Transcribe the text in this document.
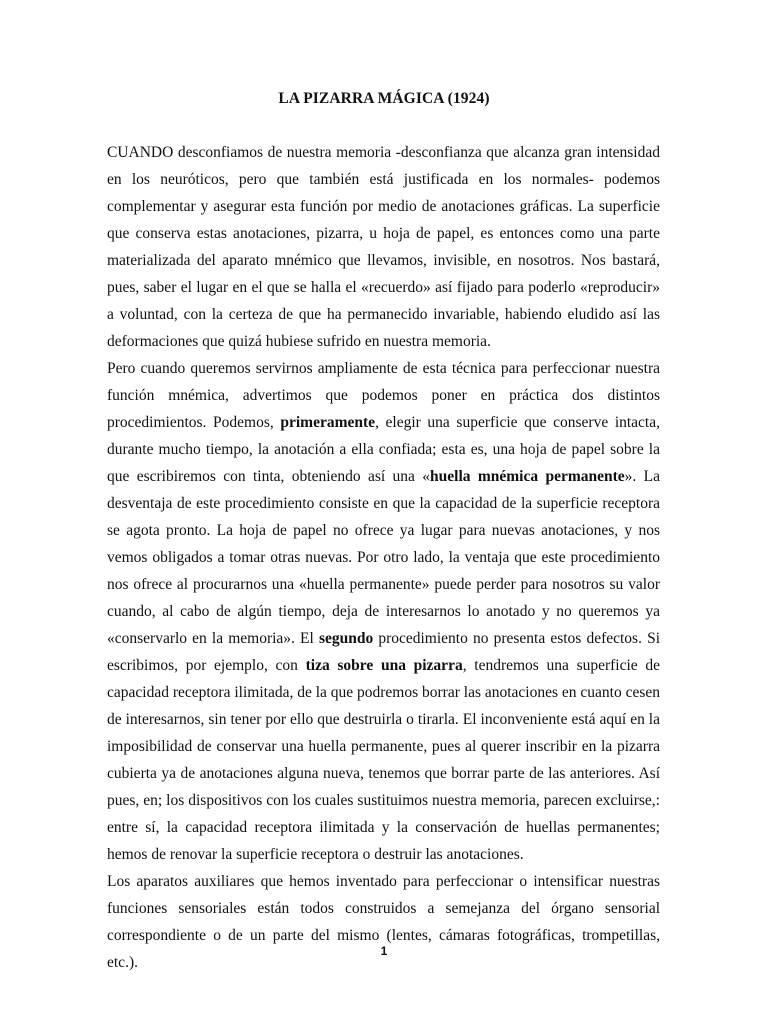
LA PIZARRA MÁGICA (1924)

CUANDO desconfiamos de nuestra memoria -desconfianza que alcanza gran intensidad en los neuróticos, pero que también está justificada en los normales- podemos complementar y asegurar esta función por medio de anotaciones gráficas. La superficie que conserva estas anotaciones, pizarra, u hoja de papel, es entonces como una parte materializada del aparato mnémico que llevamos, invisible, en nosotros. Nos bastará, pues, saber el lugar en el que se halla el «recuerdo» así fijado para poderlo «reproducir» a voluntad, con la certeza de que ha permanecido invariable, habiendo eludido así las deformaciones que quizá hubiese sufrido en nuestra memoria.

Pero cuando queremos servirnos ampliamente de esta técnica para perfeccionar nuestra función mnémica, advertimos que podemos poner en práctica dos distintos procedimientos. Podemos, primeramente, elegir una superficie que conserve intacta, durante mucho tiempo, la anotación a ella confiada; esta es, una hoja de papel sobre la que escribiremos con tinta, obteniendo así una «huella mnémica permanente». La desventaja de este procedimiento consiste en que la capacidad de la superficie receptora se agota pronto. La hoja de papel no ofrece ya lugar para nuevas anotaciones, y nos vemos obligados a tomar otras nuevas. Por otro lado, la ventaja que este procedimiento nos ofrece al procurarnos una «huella permanente» puede perder para nosotros su valor cuando, al cabo de algún tiempo, deja de interesarnos lo anotado y no queremos ya «conservarlo en la memoria». El segundo procedimiento no presenta estos defectos. Si escribimos, por ejemplo, con tiza sobre una pizarra, tendremos una superficie de capacidad receptora ilimitada, de la que podremos borrar las anotaciones en cuanto cesen de interesarnos, sin tener por ello que destruirla o tirarla. El inconveniente está aquí en la imposibilidad de conservar una huella permanente, pues al querer inscribir en la pizarra cubierta ya de anotaciones alguna nueva, tenemos que borrar parte de las anteriores. Así pues, en; los dispositivos con los cuales sustituimos nuestra memoria, parecen excluirse,: entre sí, la capacidad receptora ilimitada y la conservación de huellas permanentes; hemos de renovar la superficie receptora o destruir las anotaciones.

Los aparatos auxiliares que hemos inventado para perfeccionar o intensificar nuestras funciones sensoriales están todos construidos a semejanza del órgano sensorial correspondiente o de un parte del mismo (lentes, cámaras fotográficas, trompetillas, etc.).

1
